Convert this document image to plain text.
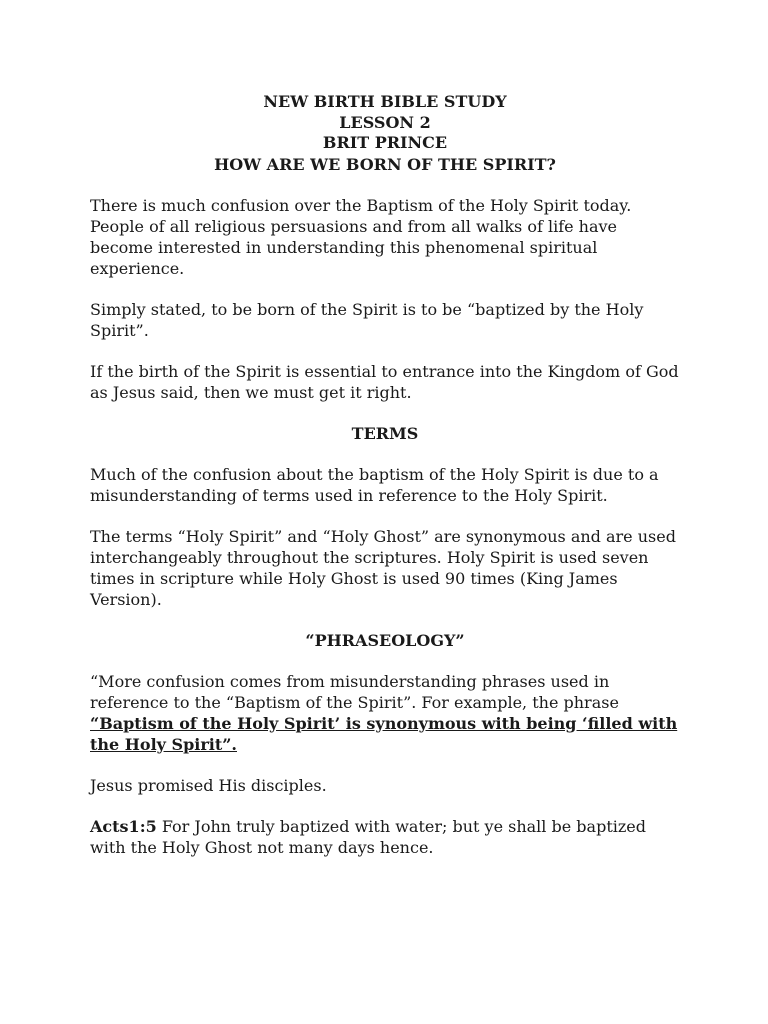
NEW BIRTH BIBLE STUDY
LESSON 2
BRIT PRINCE
HOW ARE WE BORN OF THE SPIRIT?

There is much confusion over the Baptism of the Holy Spirit today. People of all religious persuasions and from all walks of life have become interested in understanding this phenomenal spiritual experience.

Simply stated, to be born of the Spirit is to be “baptized by the Holy Spirit”.

If the birth of the Spirit is essential to entrance into the Kingdom of God as Jesus said, then we must get it right.

TERMS

Much of the confusion about the baptism of the Holy Spirit is due to a misunderstanding of terms used in reference to the Holy Spirit.

The terms “Holy Spirit” and “Holy Ghost” are synonymous and are used interchangeably throughout the scriptures. Holy Spirit is used seven times in scripture while Holy Ghost is used 90 times (King James Version).

“PHRASEOLOGY”

“More confusion comes from misunderstanding phrases used in reference to the “Baptism of the Spirit”. For example, the phrase “Baptism of the Holy Spirit’ is synonymous with being ‘filled with the Holy Spirit”.

Jesus promised His disciples.

Acts1:5 For John truly baptized with water; but ye shall be baptized with the Holy Ghost not many days hence.
